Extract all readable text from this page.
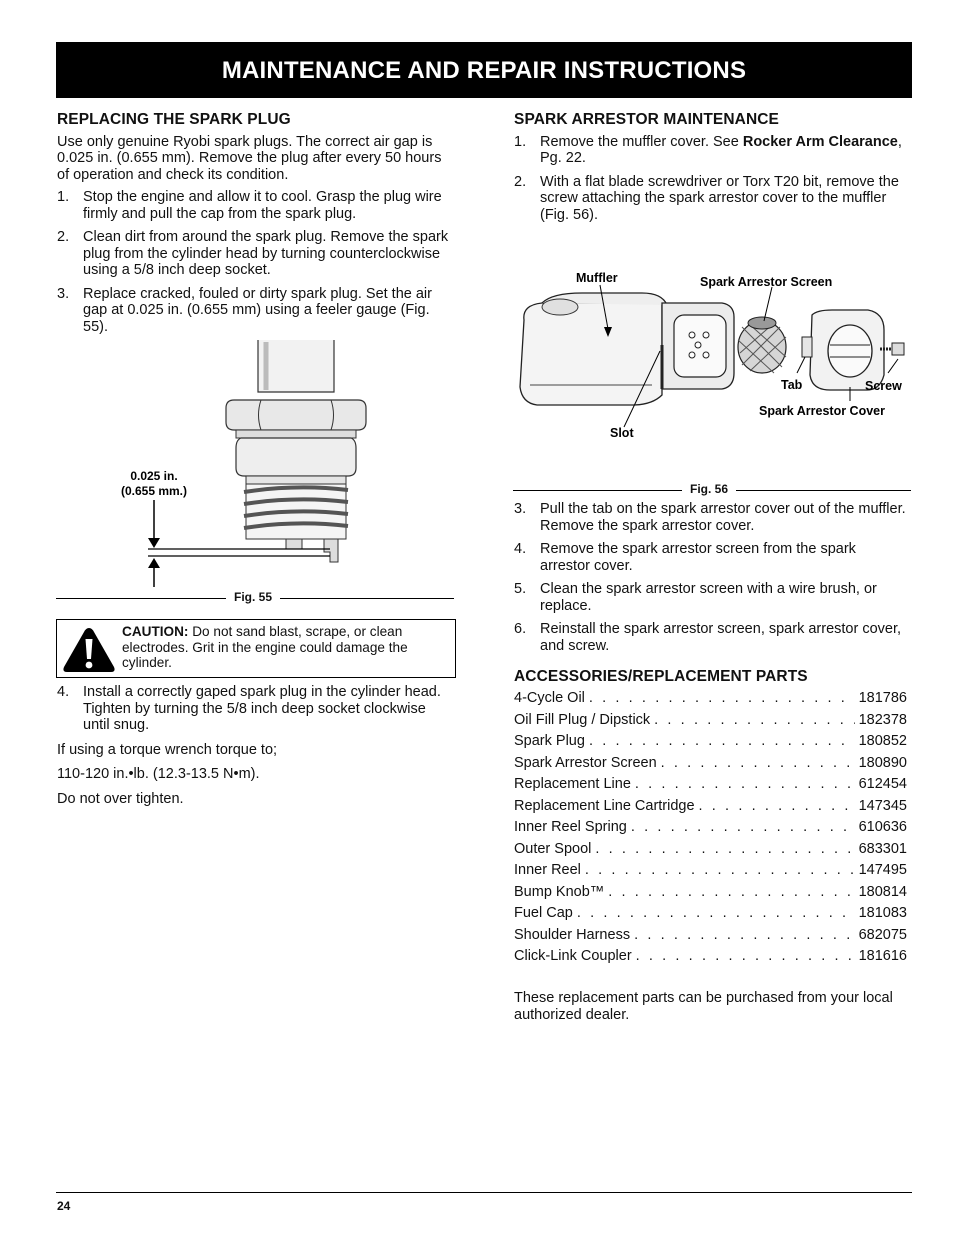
MAINTENANCE AND REPAIR INSTRUCTIONS
REPLACING THE SPARK PLUG

Use only genuine Ryobi spark plugs. The correct air gap is 0.025 in. (0.655 mm). Remove the plug after every 50 hours of operation and check its condition.

1. Stop the engine and allow it to cool. Grasp the plug wire firmly and pull the cap from the spark plug.
2. Clean dirt from around the spark plug. Remove the spark plug from the cylinder head by turning counterclockwise using a 5/8 inch deep socket.
3. Replace cracked, fouled or dirty spark plug. Set the air gap at 0.025 in. (0.655 mm) using a feeler gauge (Fig. 55).
0.025 in.
(0.655 mm.)
Fig. 55
CAUTION: Do not sand blast, scrape, or clean electrodes. Grit in the engine could damage the cylinder.
4. Install a correctly gaped spark plug in the cylinder head. Tighten by turning the 5/8 inch deep socket clockwise until snug.

If using a torque wrench torque to;

110-120 in.•lb. (12.3-13.5 N•m).

Do not over tighten.

SPARK ARRESTOR MAINTENANCE
1. Remove the muffler cover. See Rocker Arm Clearance, Pg. 22.
2. With a flat blade screwdriver or Torx T20 bit, remove the screw attaching the spark arrestor cover to the muffler (Fig. 56).
Muffler	Spark Arrestor Screen
Tab	Screw
Spark Arrestor Cover
Slot
Fig. 56
3. Pull the tab on the spark arrestor cover out of the muffler. Remove the spark arrestor cover.
4. Remove the spark arrestor screen from the spark arrestor cover.
5. Clean the spark arrestor screen with a wire brush, or replace.
6. Reinstall the spark arrestor screen, spark arrestor cover, and screw.
ACCESSORIES/REPLACEMENT PARTS
4-Cycle Oil . . .	181786
Oil Fill Plug / Dipstick . . .	182378
Spark Plug . . .	180852
Spark Arrestor Screen . . .	180890
Replacement Line . . .	612454
Replacement Line Cartridge . . .	147345
Inner Reel Spring . . .	610636
Outer Spool . . .	683301
Inner Reel . . .	147495
Bump Knob™ . . .	180814
Fuel Cap . . .	181083
Shoulder Harness . . .	682075
Click-Link Coupler . . .	181616

These replacement parts can be purchased from your local authorized dealer.

24
